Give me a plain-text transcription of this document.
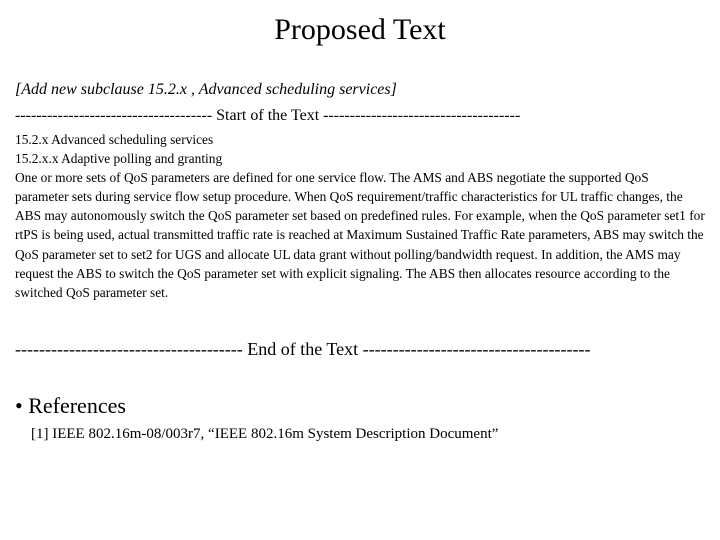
Proposed Text
[Add new subclause 15.2.x , Advanced scheduling services]
------------------------------------- Start of the Text -------------------------------------

15.2.x Advanced scheduling services

15.2.x.x Adaptive polling and granting

One or more sets of QoS parameters are defined for one service flow. The AMS and ABS negotiate the supported QoS parameter sets during service flow setup procedure. When QoS requirement/traffic characteristics for UL traffic changes, the ABS may autonomously switch the QoS parameter set based on predefined rules. For example, when the QoS parameter set1 for rtPS is being used, actual transmitted traffic rate is reached at Maximum Sustained Traffic Rate parameters, ABS may switch the QoS parameter set to set2 for UGS and allocate UL data grant without polling/bandwidth request. In addition, the AMS may request the ABS to switch the QoS parameter set with explicit signaling. The ABS then allocates resource according to the switched QoS parameter set.

-------------------------------------- End of the Text --------------------------------------
• References
[1] IEEE 802.16m-08/003r7, “IEEE 802.16m System Description Document”
